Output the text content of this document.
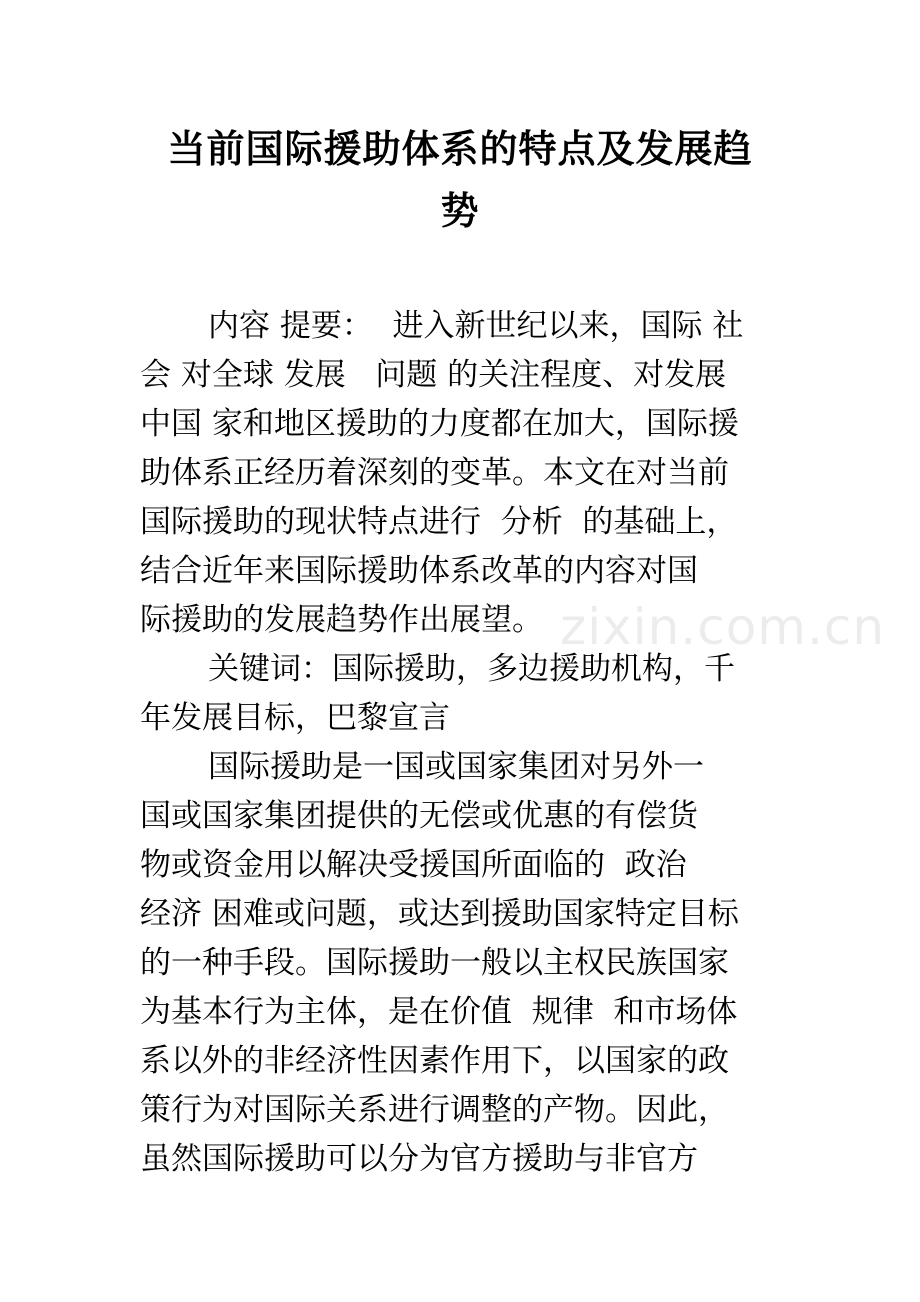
当前国际援助体系的特点及发展趋
势
内容 提要：  进入新世纪以来，国际 社
会 对全球 发展   问题 的关注程度、对发展
中国 家和地区援助的力度都在加大，国际援
助体系正经历着深刻的变革。本文在对当前
国际援助的现状特点进行  分析  的基础上，
结合近年来国际援助体系改革的内容对国
际援助的发展趋势作出展望。
关键词：国际援助，多边援助机构，千
年发展目标，巴黎宣言
国际援助是一国或国家集团对另外一
国或国家集团提供的无偿或优惠的有偿货
物或资金用以解决受援国所面临的  政治
经济 困难或问题，或达到援助国家特定目标
的一种手段。国际援助一般以主权民族国家
为基本行为主体，是在价值  规律  和市场体
系以外的非经济性因素作用下，以国家的政
策行为对国际关系进行调整的产物。因此，
虽然国际援助可以分为官方援助与非官方
zixin.com.cn
